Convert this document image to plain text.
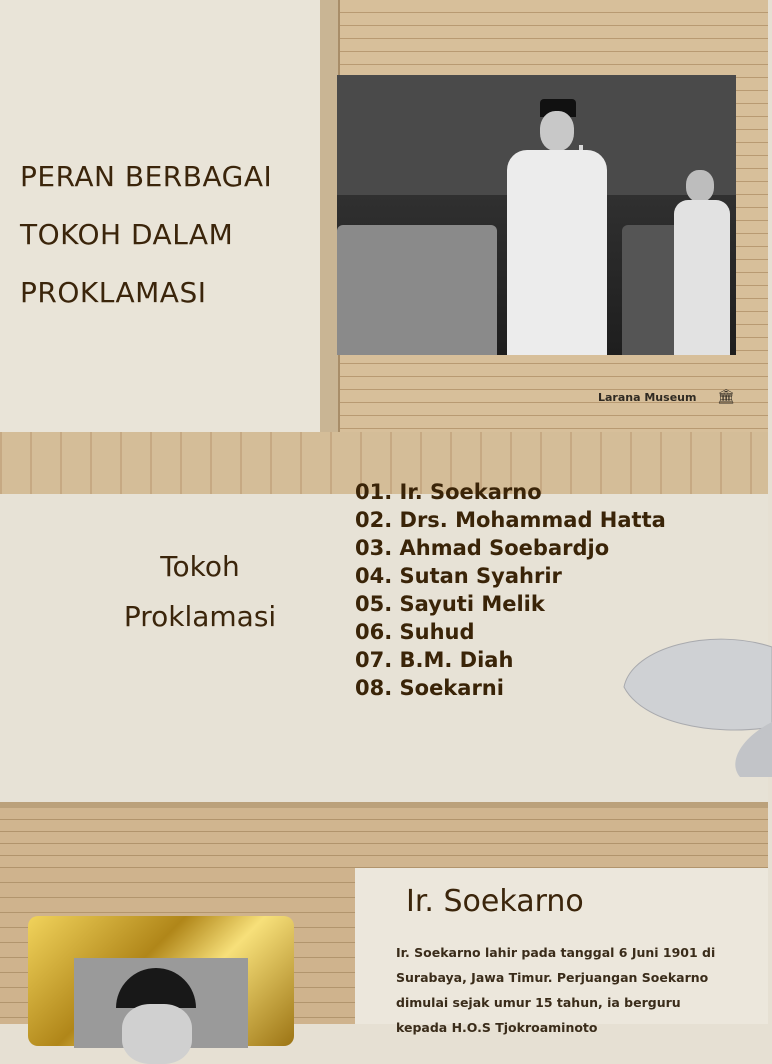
PERAN BERBAGAI
TOKOH DALAM
PROKLAMASI
Larana Museum 🏛
Tokoh
Proklamasi
01. Ir. Soekarno
02. Drs. Mohammad Hatta
03. Ahmad Soebardjo
04. Sutan Syahrir
05. Sayuti Melik
06. Suhud
07. B.M. Diah
08. Soekarni
Ir. Soekarno
Ir. Soekarno lahir pada tanggal 6 Juni 1901 di
Surabaya, Jawa Timur. Perjuangan Soekarno
dimulai sejak umur 15 tahun, ia berguru
kepada H.O.S Tjokroaminoto
